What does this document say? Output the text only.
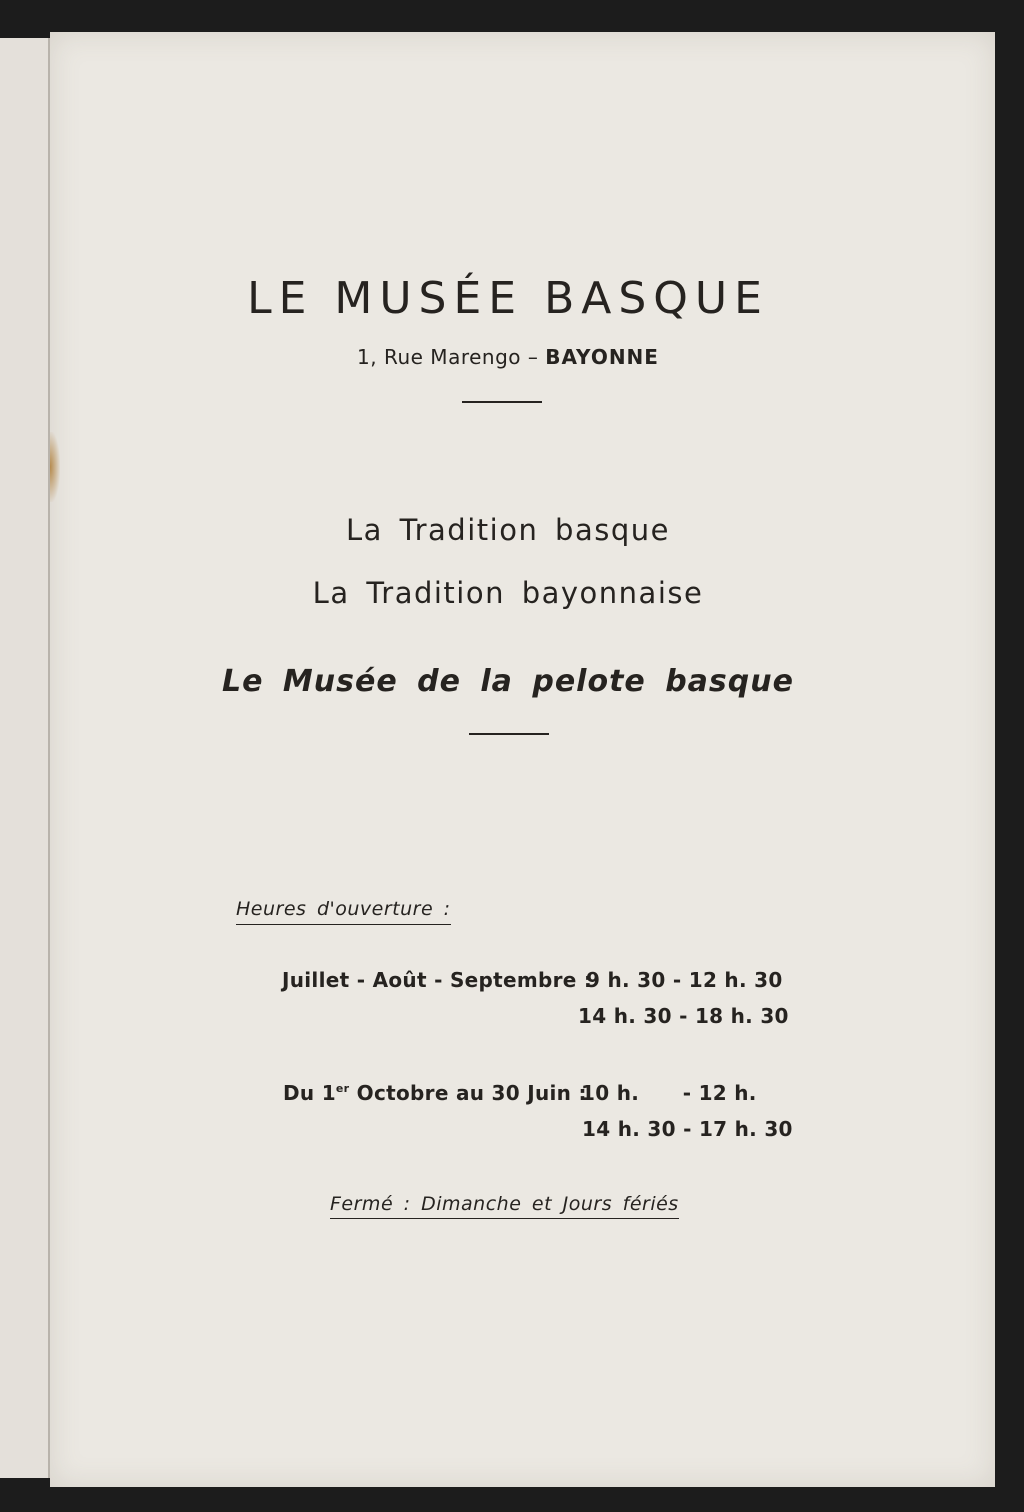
LE MUSÉE BASQUE
1, Rue Marengo – BAYONNE
La Tradition basque
La Tradition bayonnaise
Le Musée de la pelote basque
Heures d'ouverture :
Juillet - Août - Septembre :
9 h. 30 - 12 h. 30
14 h. 30 - 18 h. 30
Du 1er Octobre au 30 Juin :
10 h.      - 12 h.
14 h. 30 - 17 h. 30
Fermé : Dimanche et Jours fériés
